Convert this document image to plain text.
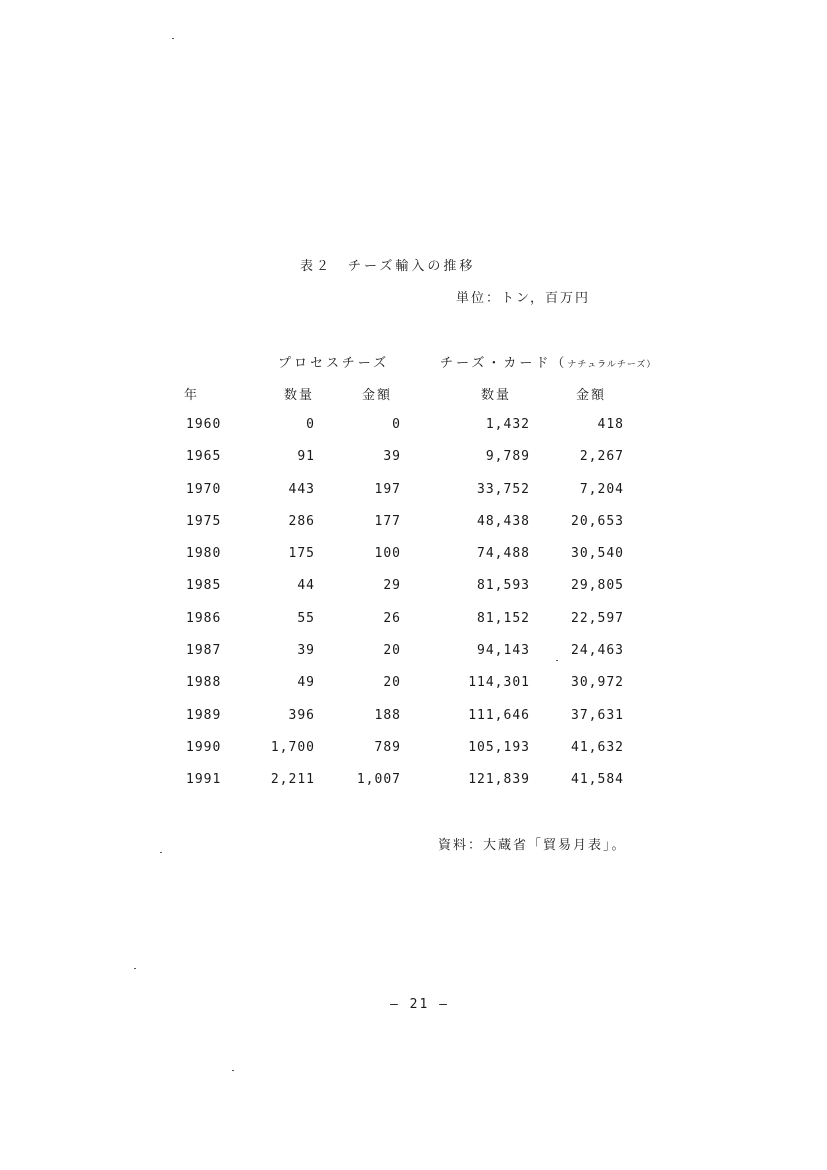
表２　チーズ輸入の推移
単位：トン，百万円
プロセスチーズ	チーズ・カード（ナチュラルチーズ）
年	数量	金額	数量	金額
1960	0	0	1,432	418
1965	91	39	9,789	2,267
1970	443	197	33,752	7,204
1975	286	177	48,438	20,653
1980	175	100	74,488	30,540
1985	44	29	81,593	29,805
1986	55	26	81,152	22,597
1987	39	20	94,143	24,463
1988	49	20	114,301	30,972
1989	396	188	111,646	37,631
1990	1,700	789	105,193	41,632
1991	2,211	1,007	121,839	41,584
資料：大蔵省「貿易月表」。
— 21 —
